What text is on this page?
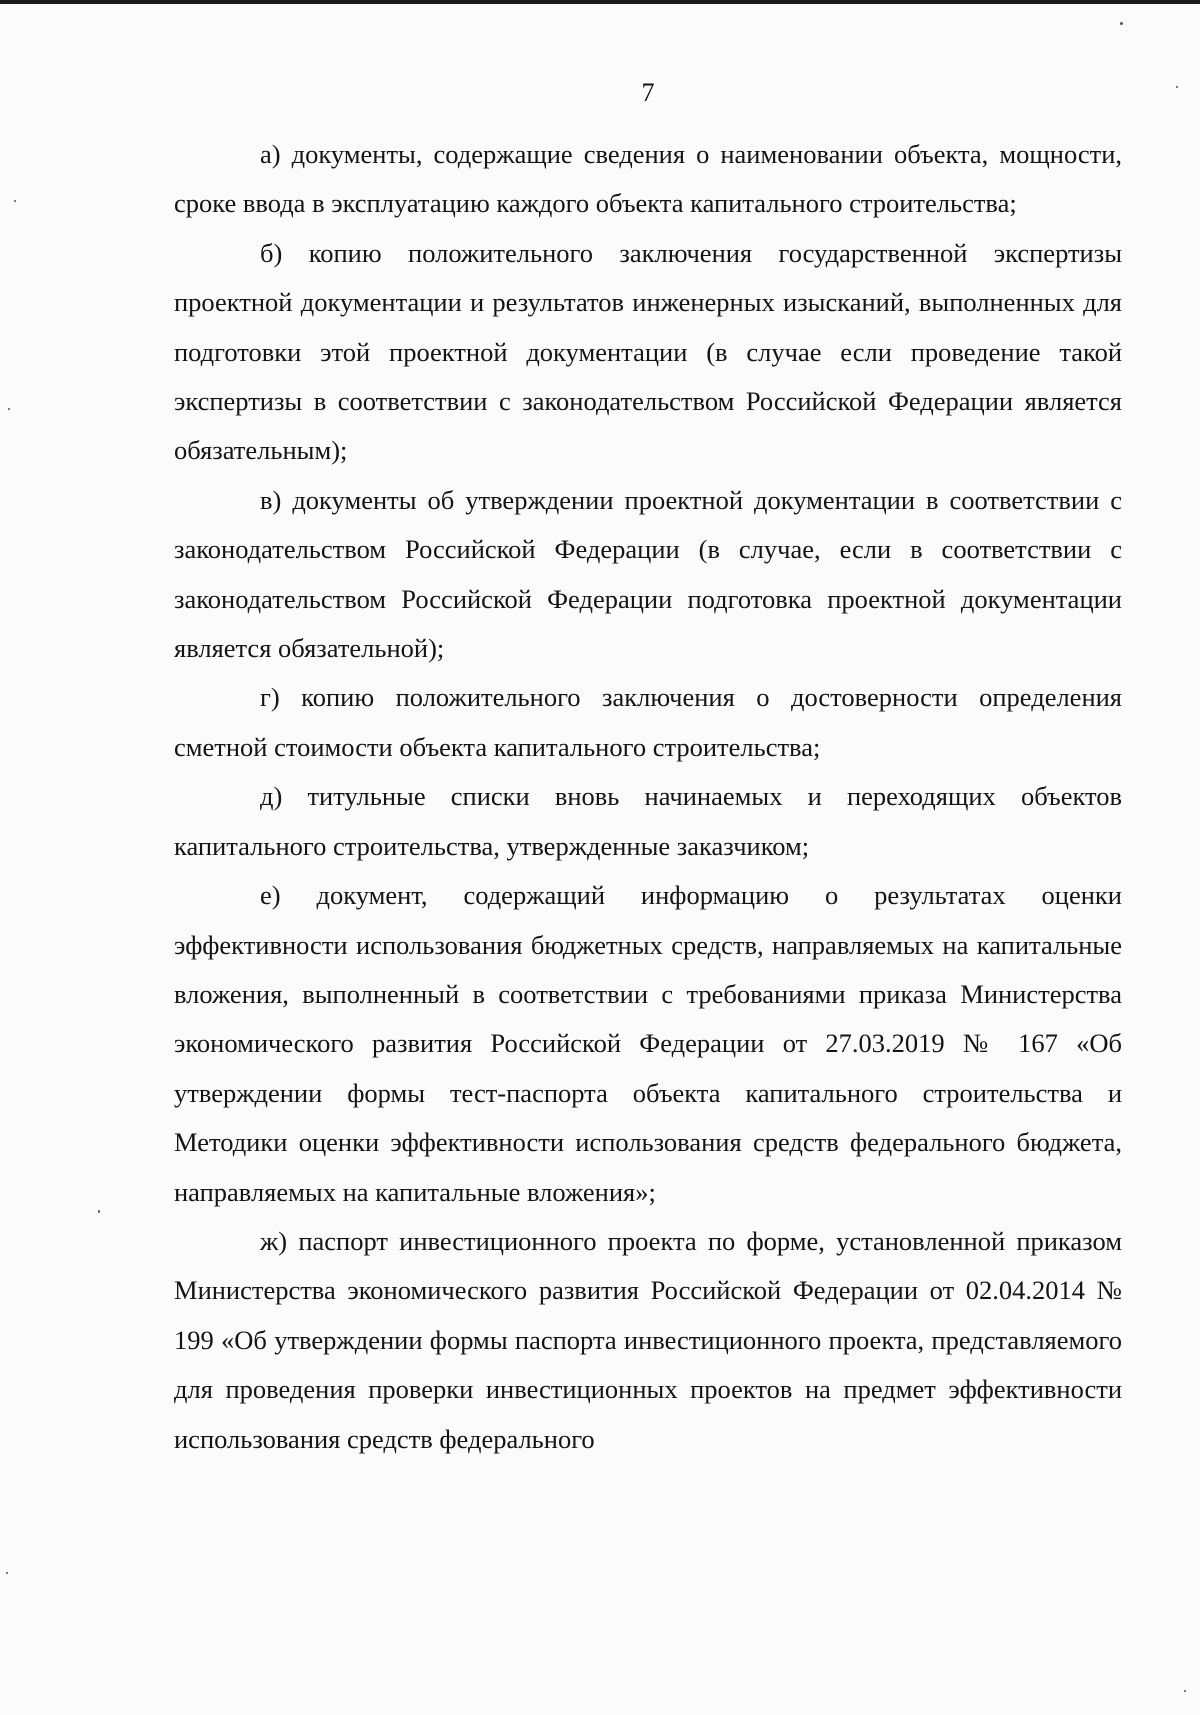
7

а) документы, содержащие сведения о наименовании объекта, мощности, сроке ввода в эксплуатацию каждого объекта капитального строительства;

б) копию положительного заключения государственной экспертизы проектной документации и результатов инженерных изысканий, выполненных для подготовки этой проектной документации (в случае если проведение такой экспертизы в соответствии с законодательством Российской Федерации является обязательным);

в) документы об утверждении проектной документации в соответствии с законодательством Российской Федерации (в случае, если в соответствии с законодательством Российской Федерации подготовка проектной документации является обязательной);

г) копию положительного заключения о достоверности определения сметной стоимости объекта капитального строительства;

д) титульные списки вновь начинаемых и переходящих объектов капитального строительства, утвержденные заказчиком;

е) документ, содержащий информацию о результатах оценки эффективности использования бюджетных средств, направляемых на капитальные вложения, выполненный в соответствии с требованиями приказа Министерства экономического развития Российской Федерации от 27.03.2019 № 167 «Об утверждении формы тест-паспорта объекта капитального строительства и Методики оценки эффективности использования средств федерального бюджета, направляемых на капитальные вложения»;

ж) паспорт инвестиционного проекта по форме, установленной приказом Министерства экономического развития Российской Федерации от 02.04.2014 № 199 «Об утверждении формы паспорта инвестиционного проекта, представляемого для проведения проверки инвестиционных проектов на предмет эффективности использования средств федерального
